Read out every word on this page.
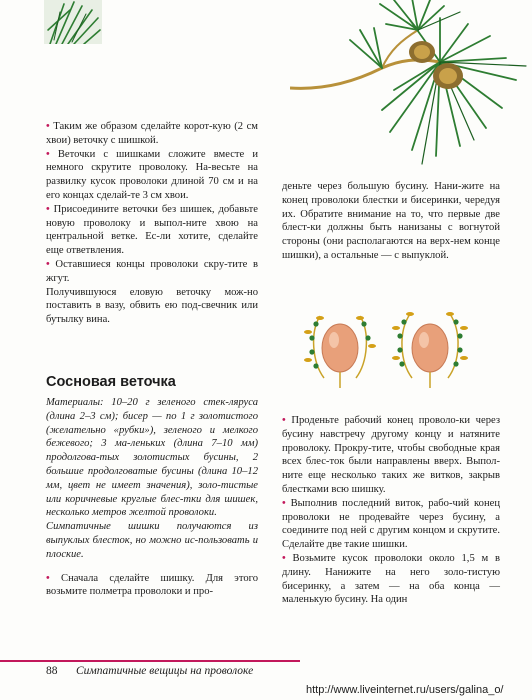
• Таким же образом сделайте корот-кую (2 см хвои) веточку с шишкой.

• Веточки с шишками сложите вместе и немного скрутите проволоку. На-весьте на развилку кусок проволоки длиной 70 см и на его концах сделай-те 3 см хвои.

• Присоедините веточки без шишек, добавьте новую проволоку и выпол-ните хвою на центральной ветке. Ес-ли хотите, сделайте еще ответвления.

• Оставшиеся концы проволоки скру-тите в жгут.

Получившуюся еловую веточку мож-но поставить в вазу, обвить ею под-свечник или бутылку вина.

Сосновая веточка

Материалы: 10–20 г зеленого стек-ляруса (длина 2–3 см); бисер — по 1 г золотистого (желательно «рубки»), зеленого и мелкого бежевого; 3 ма-леньких (длина 7–10 мм) продолгова-тых золотистых бусины, 2 большие продолговатые бусины (длина 10–12 мм, цвет не имеет значения), золо-тистые или коричневые круглые блес-тки для шишек, несколько метров желтой проволоки.

Симпатичные шишки получаются из выпуклых блесток, но можно ис-пользовать и плоские.

• Сначала сделайте шишку. Для этого возьмите полметра проволоки и про-

деньте через большую бусину. Нани-жите на конец проволоки блестки и бисеринки, чередуя их. Обратите внимание на то, что первые две блест-ки должны быть нанизаны с вогнутой стороны (они располагаются на верх-нем конце шишки), а остальные — с выпуклой.

• Проденьте рабочий конец проволо-ки через бусину навстречу другому концу и натяните проволоку. Прокру-тите, чтобы свободные края всех блес-ток были направлены вверх. Выпол-ните еще несколько таких же витков, закрыв блестками всю шишку.

• Выполнив последний виток, рабо-чий конец проволоки не продевайте через бусину, а соедините под ней с другим концом и скрутите. Сделайте две такие шишки.

• Возьмите кусок проволоки около 1,5 м в длину. Нанижите на него золо-тистую бисеринку, а затем — на оба конца — маленькую бусину. На один

88 Симпатичные вещицы на проволоке
http://www.liveinternet.ru/users/galina_o/
